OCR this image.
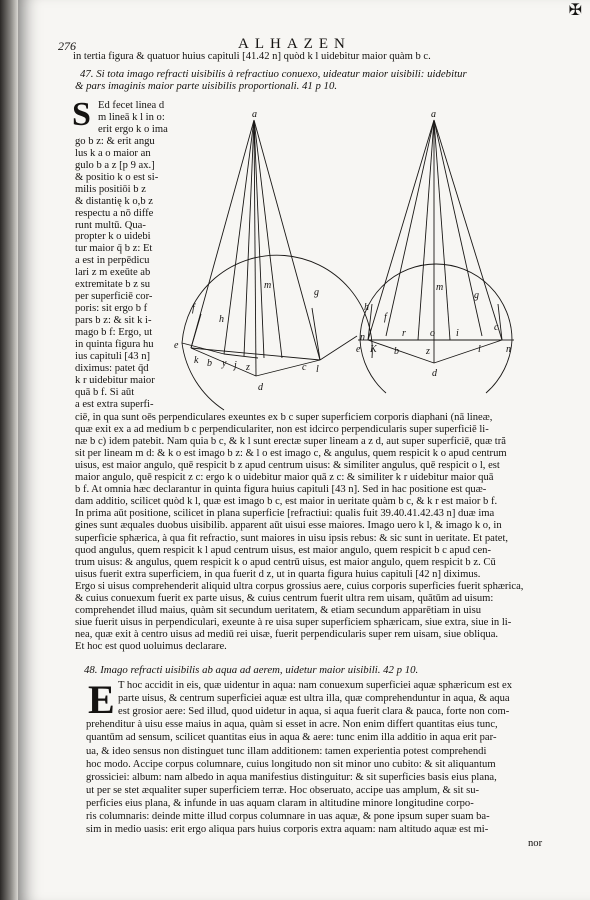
✠
276	ALHAZEN
in tertia figura & quatuor huius capituli [41.42 n] quòd k l uidebitur maior quàm b c.
47. Si tota imago refracti uisibilis à refractiuo conuexo, uideatur maior uisibili: uidebitur
& pars imaginis maior parte uisibilis proportionali. 41 p 10.
S Ed fecet linea d
m lineā k l in o:
erit ergo k o ima
go b z: & erit angu
lus k a o maior an
gulo b a z [p 9 ax.]
& positio k o est si-
milis positiōi b z
& distantię k o,b z
respectu a nō diffe
runt multū. Qua-
propter k o uidebi
tur maior q̄ b z: Et
a est in perpēdicu
lari z m exeūte ab
extremitate b z su
per superficiē cor-
poris: sit ergo b f
pars b z: & sit k i-
mago b f: Ergo, ut
in quinta figura hu
ius capituli [43 n]
diximus: patet q̄d
k r uidebitur maior
quā b f. Si aūt
a est extra superfi-
ciē, in qua sunt oēs perpendiculares exeuntes ex b c super superficiem corporis diaphani (nā lineæ,
quæ exit ex a ad medium b c perpendiculariter, non est idcirco perpendicularis super superficiē li-
næ b c) idem patebit. Nam quia b c, & k l sunt erectæ super lineam a z d, aut super superficiē, quæ tră
sit per lineam m d: & k o est imago b z: & l o est imago c, & angulus, quem respicit k o apud centrum
uisus, est maior angulo, quē respicit b z apud centrum uisus: & similiter angulus, quē respicit o l, est
maior angulo, quē respicit z c: ergo k o uidebitur maior quā z c: & similiter k r uidebitur maior quā
b f. At omnia hæc declarantur in quinta figura huius capituli [43 n]. Sed in hac positione est quæ-
dam additio, scilicet quòd k l, quæ est imago b c, est maior in ueritate quàm b c, & k r est maior b f.
In prima aūt positione, scilicet in plana superficie [refractiui: qualis fuit 39.40.41.42.43 n] duæ ima
gines sunt æquales duobus uisibilib. apparent aūt uisui esse maiores. Imago uero k l, & imago k o, in
superficie sphærica, à qua fit refractio, sunt maiores in uisu ipsis rebus: & sic sunt in ueritate. Et patet,
quod angulus, quem respicit k l apud centrum uisus, est maior angulo, quem respicit b c apud cen-
trum uisus: & angulus, quem respicit k o apud centrū uisus, est maior angulo, quem respicit b z. Cū
uisus fuerit extra superficiem, in qua fuerit d z, ut in quarta figura huius capituli [42 n] diximus.
Ergo si uisus comprehenderit aliquid ultra corpus grossius aere, cuius corporis superficies fuerit sphærica,
& cuius conuexum fuerit ex parte uisus, & cuius centrum fuerit ultra rem uisam, quātūm ad uisum:
comprehendet illud maius, quàm sit secundum ueritatem, & etiam secundum apparētiam in uisu
siue fuerit uisus in perpendiculari, exeunte à re uisa super superficiem sphæricam, siue extra, siue in li-
nea, quæ exit à centro uisus ad mediū rei uisæ, fuerit perpendicularis super rem uisam, siue obliqua.
Et hoc est quod uoluimus declarare.
a
g
m
f
h
e
k b y j z
d
c l
n
a
m
g
h
f
e K
r o
l
i
c
n
z
d
b
48. Imago refracti uisibilis ab aqua ad aerem, uidetur maior uisibili. 42 p 10.
E T hoc accidit in eis, quæ uidentur in aqua: nam conuexum superficiei aquæ sphæricum est ex
parte uisus, & centrum superficiei aquæ est ultra illa, quæ comprehenduntur in aqua, & aqua
est grosior aere: Sed illud, quod uidetur in aqua, si aqua fuerit clara & pauca, forte non com-
prehenditur à uisu esse maius in aqua, quàm si esset in acre. Non enim differt quantitas eius tunc,
quantūm ad sensum, scilicet quantitas eius in aqua & aere: tunc enim illa additio in aqua erit par-
ua, & ideo sensus non distinguet tunc illam additionem: tamen experientia potest comprehendi
hoc modo. Accipe corpus columnare, cuius longitudo non sit minor uno cubito: & sit aliquantum
grossiciei: album: nam albedo in aqua manifestius distinguitur: & sit superficies basis eius plana,
ut per se stet æqualiter super superficiem terræ. Hoc obseruato, accipe uas amplum, & sit su-
perficies eius plana, & infunde in uas aquam claram in altitudine minore longitudine corpo-
ris columnaris: deinde mitte illud corpus columnare in uas aquæ, & pone ipsum super suam ba-
sim in medio uasis: erit ergo aliqua pars huius corporis extra aquam: nam altitudo aquæ est mi-
nor
